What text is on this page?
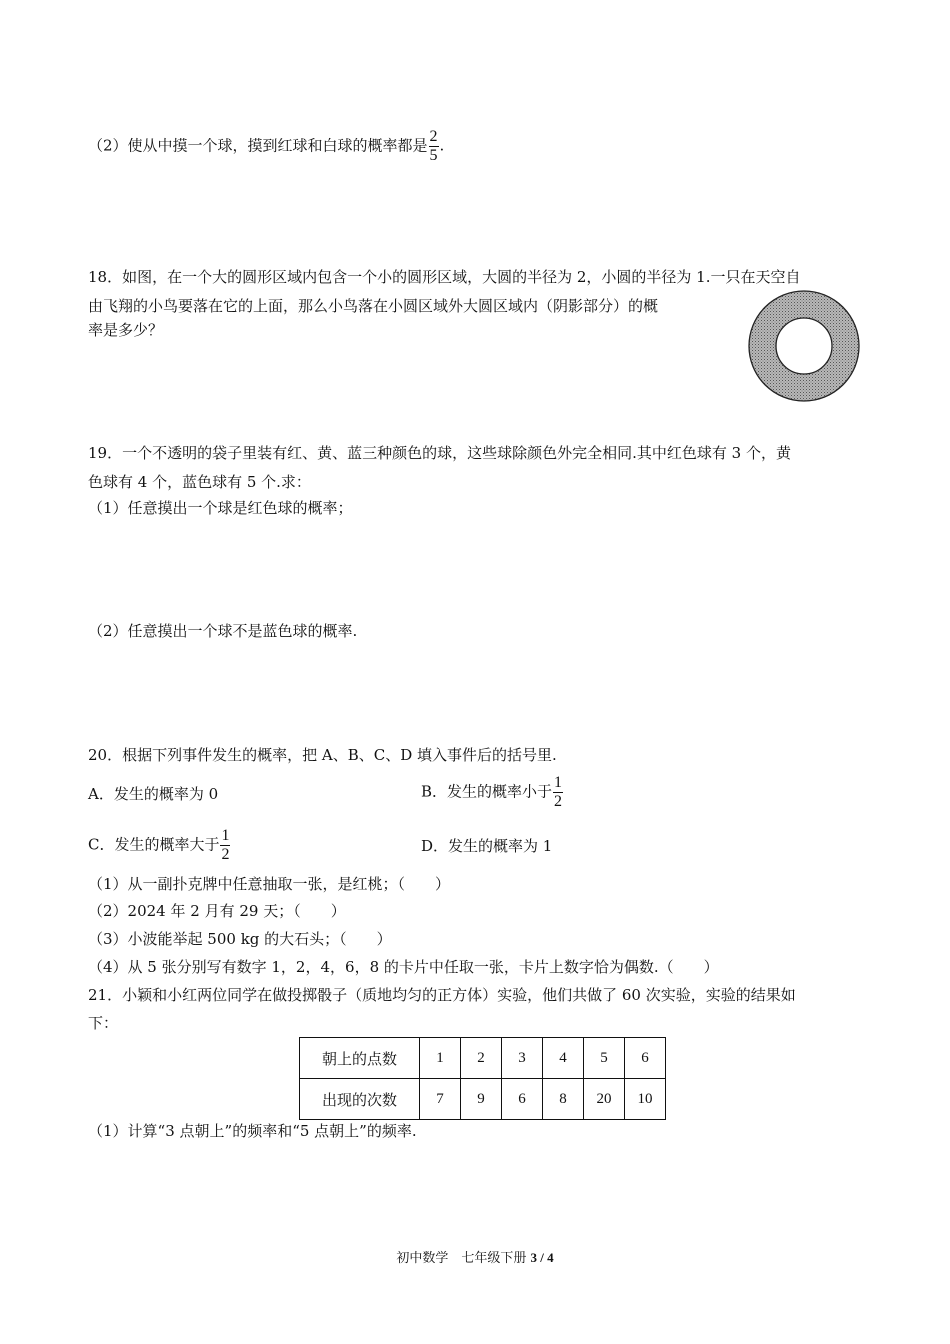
（2）使从中摸一个球，摸到红球和白球的概率都是 $\frac{2}{5}$ .
18．如图，在一个大的圆形区域内包含一个小的圆形区域，大圆的半径为 2，小圆的半径为 1.一只在天空自
由飞翔的小鸟要落在它的上面，那么小鸟落在小圆区域外大圆区域内（阴影部分）的概
率是多少？
19．一个不透明的袋子里装有红、黄、蓝三种颜色的球，这些球除颜色外完全相同.其中红色球有 3 个，黄
色球有 4 个，蓝色球有 5 个.求：
（1）任意摸出一个球是红色球的概率；
（2）任意摸出一个球不是蓝色球的概率.
20．根据下列事件发生的概率，把 A、B、C、D 填入事件后的括号里.
A．发生的概率为 0	B．发生的概率小于 $\frac{1}{2}$
C．发生的概率大于 $\frac{1}{2}$	D．发生的概率为 1
（1）从一副扑克牌中任意抽取一张，是红桃；（　　）
（2）2024 年 2 月有 29 天；（　　）
（3）小波能举起 500 kg 的大石头；（　　）
（4）从 5 张分别写有数字 1，2，4，6，8 的卡片中任取一张，卡片上数字恰为偶数.（　　）
21．小颖和小红两位同学在做投掷骰子（质地均匀的正方体）实验，他们共做了 60 次实验，实验的结果如
下：
朝上的点数	1	2	3	4	5	6
出现的次数	7	9	6	8	20	10
（1）计算“3 点朝上”的频率和“5 点朝上”的频率.
初中数学　七年级下册 3 / 4
